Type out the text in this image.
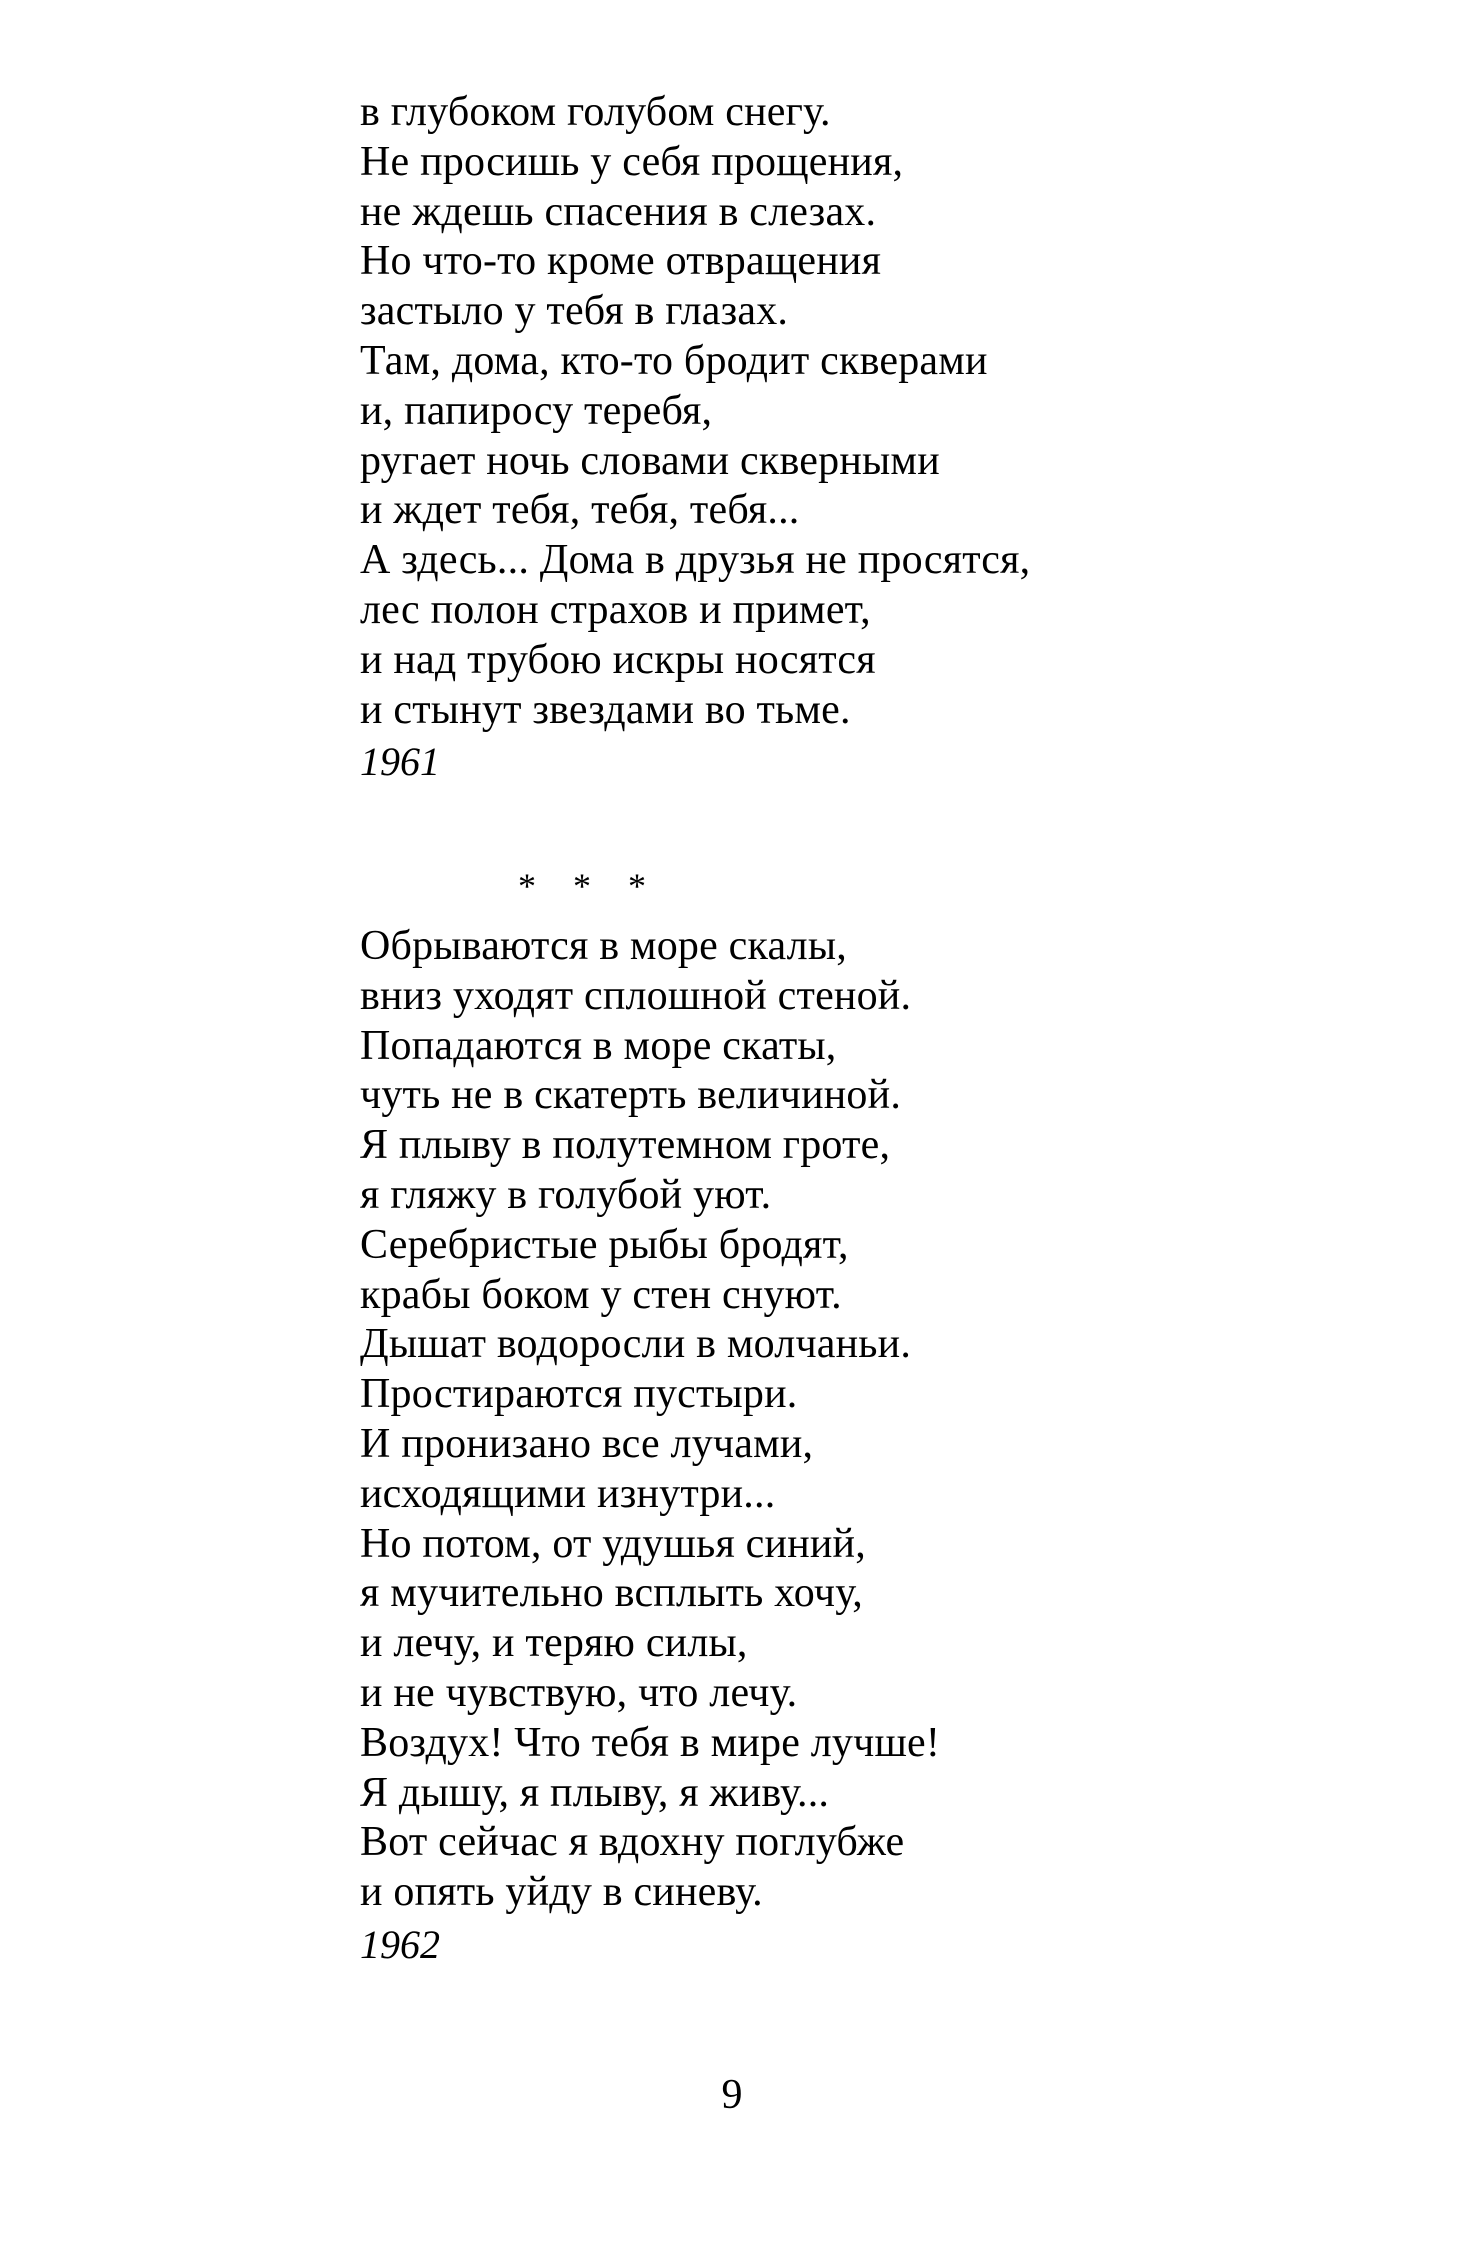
в глубоком голубом снегу.
Не просишь у себя прощения,
не ждешь спасения в слезах.
Но что-то кроме отвращения
застыло у тебя в глазах.
Там, дома, кто-то бродит скверами
и, папиросу теребя,
ругает ночь словами скверными
и ждет тебя, тебя, тебя...
А здесь... Дома в друзья не просятся,
лес полон страхов и примет,
и над трубою искры носятся
и стынут звездами во тьме.
1961
* * *
Обрываются в море скалы,
вниз уходят сплошной стеной.
Попадаются в море скаты,
чуть не в скатерть величиной.
Я плыву в полутемном гроте,
я гляжу в голубой уют.
Серебристые рыбы бродят,
крабы боком у стен снуют.
Дышат водоросли в молчаньи.
Простираются пустыри.
И пронизано все лучами,
исходящими изнутри...
Но потом, от удушья синий,
я мучительно всплыть хочу,
и лечу, и теряю силы,
и не чувствую, что лечу.
Воздух! Что тебя в мире лучше!
Я дышу, я плыву, я живу...
Вот сейчас я вдохну поглубже
и опять уйду в синеву.
1962
9
